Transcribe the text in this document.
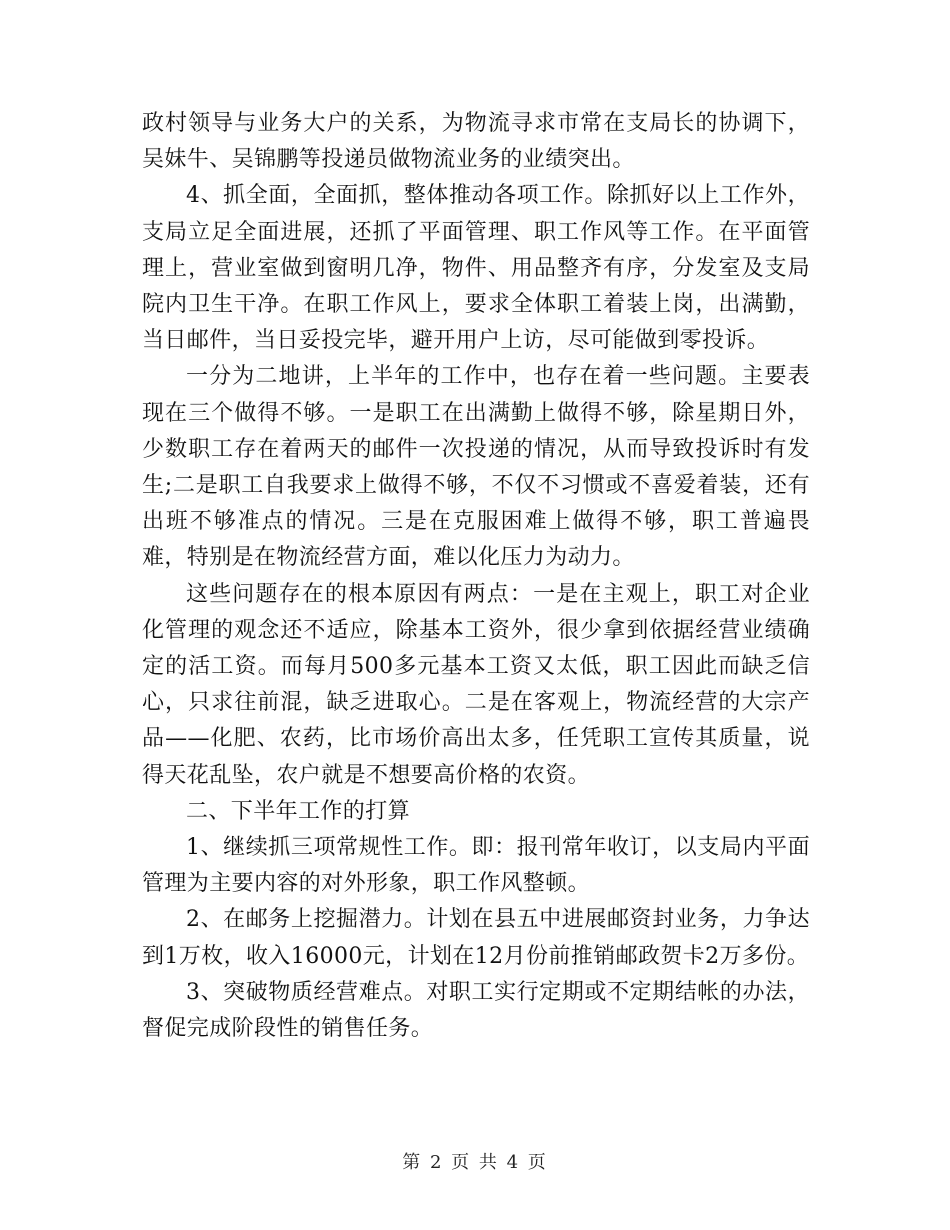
政村领导与业务大户的关系，为物流寻求市常在支局长的协调下，吴妹牛、吴锦鹏等投递员做物流业务的业绩突出。

4、抓全面，全面抓，整体推动各项工作。除抓好以上工作外，支局立足全面进展，还抓了平面管理、职工作风等工作。在平面管理上，营业室做到窗明几净，物件、用品整齐有序，分发室及支局院内卫生干净。在职工作风上，要求全体职工着装上岗，出满勤，当日邮件，当日妥投完毕，避开用户上访，尽可能做到零投诉。

一分为二地讲，上半年的工作中，也存在着一些问题。主要表现在三个做得不够。一是职工在出满勤上做得不够，除星期日外，少数职工存在着两天的邮件一次投递的情况，从而导致投诉时有发生;二是职工自我要求上做得不够，不仅不习惯或不喜爱着装，还有出班不够准点的情况。三是在克服困难上做得不够，职工普遍畏难，特别是在物流经营方面，难以化压力为动力。

这些问题存在的根本原因有两点：一是在主观上，职工对企业化管理的观念还不适应，除基本工资外，很少拿到依据经营业绩确定的活工资。而每月500多元基本工资又太低，职工因此而缺乏信心，只求往前混，缺乏进取心。二是在客观上，物流经营的大宗产品——化肥、农药，比市场价高出太多，任凭职工宣传其质量，说得天花乱坠，农户就是不想要高价格的农资。

二、下半年工作的打算

1、继续抓三项常规性工作。即：报刊常年收订，以支局内平面管理为主要内容的对外形象，职工作风整顿。

2、在邮务上挖掘潜力。计划在县五中进展邮资封业务，力争达到1万枚，收入16000元，计划在12月份前推销邮政贺卡2万多份。

3、突破物质经营难点。对职工实行定期或不定期结帐的办法，督促完成阶段性的销售任务。

第 2 页 共 4 页
